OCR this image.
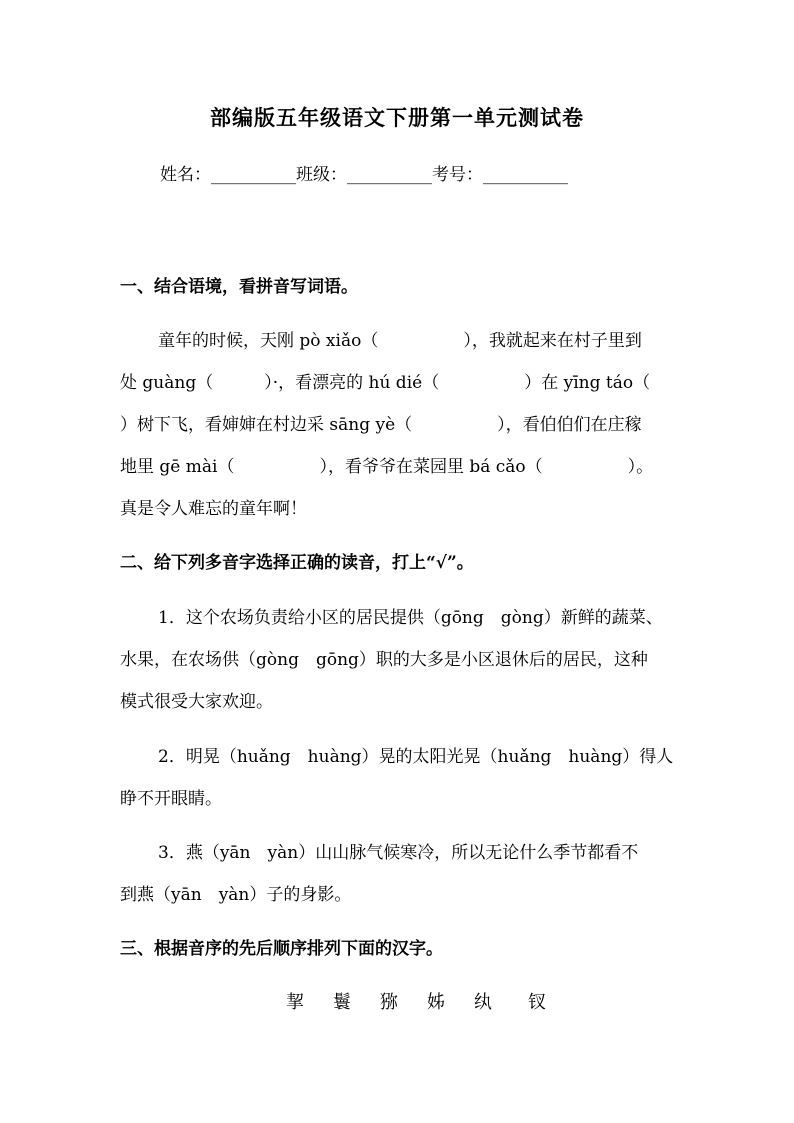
部编版五年级语文下册第一单元测试卷
姓名：__________班级：__________考号：__________
一、结合语境，看拼音写词语。
童年的时候，天刚 pò xiǎo（　　　　　），我就起来在村子里到
处 guàng（　　　）·，看漂亮的 hú dié（　　　　　）在 yīng táo（
）树下飞，看婶婶在村边采 sāng yè（　　　　　），看伯伯们在庄稼
地里 gē mài（　　　　　），看爷爷在菜园里 bá cǎo（　　　　　）。
真是令人难忘的童年啊！
二、给下列多音字选择正确的读音，打上“√”。
1．这个农场负责给小区的居民提供（gōng　gòng）新鲜的蔬菜、
水果，在农场供（gòng　gōng）职的大多是小区退休后的居民，这种
模式很受大家欢迎。
2．明晃（huǎng　huàng）晃的太阳光晃（huǎng　huàng）得人
睁不开眼睛。
3．燕（yān　yàn）山山脉气候寒冷，所以无论什么季节都看不
到燕（yān　yàn）子的身影。
三、根据音序的先后顺序排列下面的汉字。
挈 鬟 猕 姊 纨 钗
